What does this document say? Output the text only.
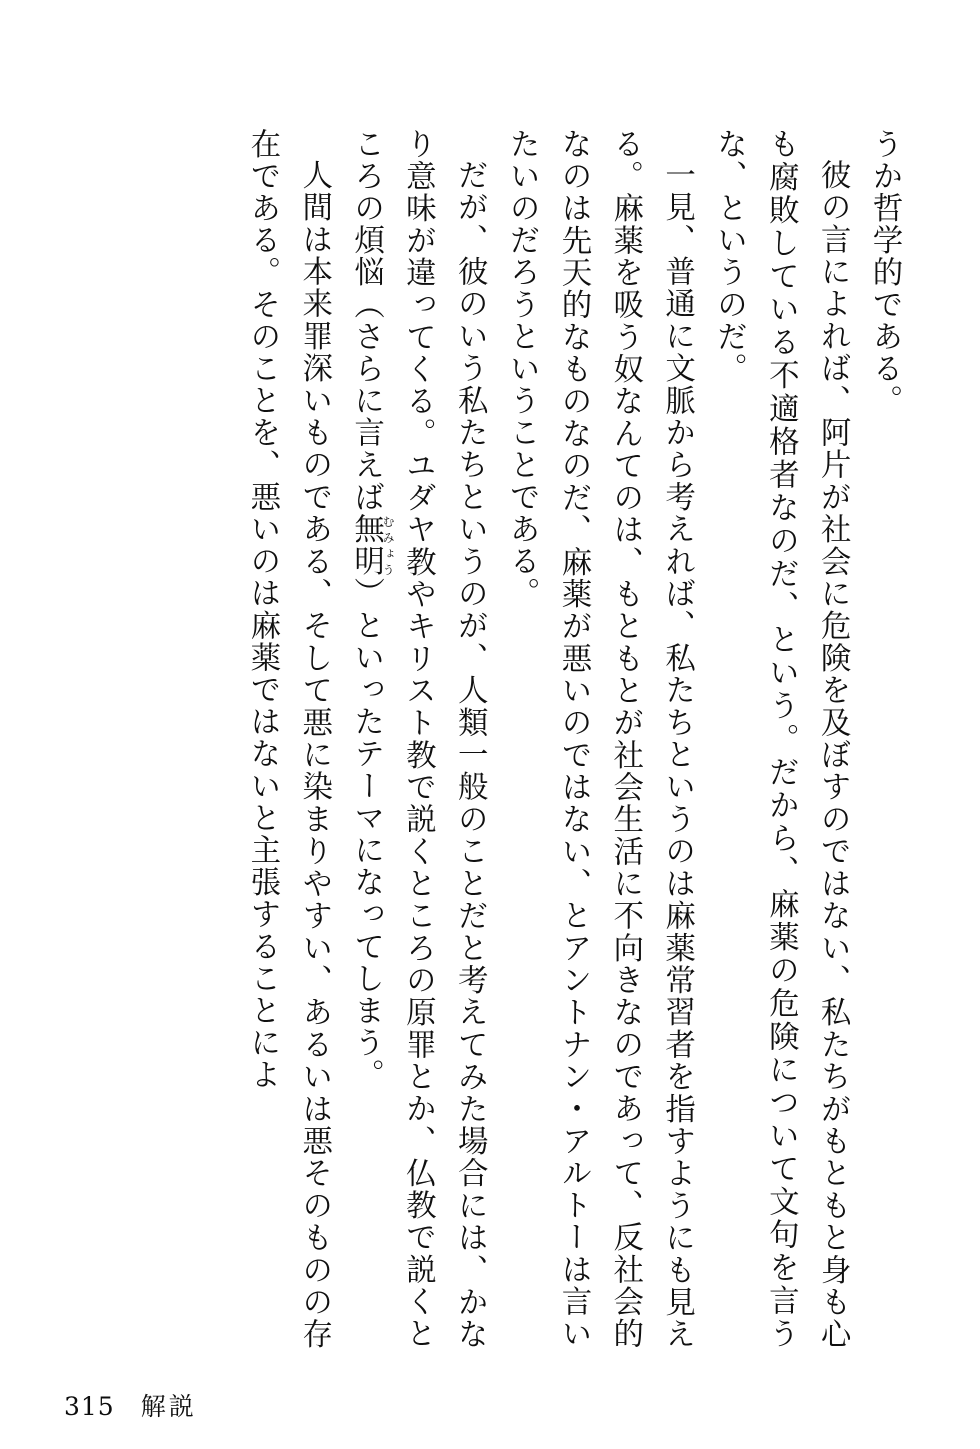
うか哲学的である。

彼の言によれば、阿片が社会に危険を及ぼすのではない、私たちがもともと身も心も腐敗している不適格者なのだ、という。だから、麻薬の危険について文句を言うな、というのだ。

一見、普通に文脈から考えれば、私たちというのは麻薬常習者を指すようにも見える。麻薬を吸う奴なんてのは、もともとが社会生活に不向きなのであって、反社会的なのは先天的なものなのだ、麻薬が悪いのではない、とアントナン・アルトーは言いたいのだろうということである。

だが、彼のいう私たちというのが、人類一般のことだと考えてみた場合には、かなり意味が違ってくる。ユダヤ教やキリスト教で説くところの原罪とか、仏教で説くところの煩悩（さらに言えば無明むみょう）といったテーマになってしまう。

人間は本来罪深いものである、そして悪に染まりやすい、あるいは悪そのものの存在である。そのことを、悪いのは麻薬ではないと主張することによ

315 解説
